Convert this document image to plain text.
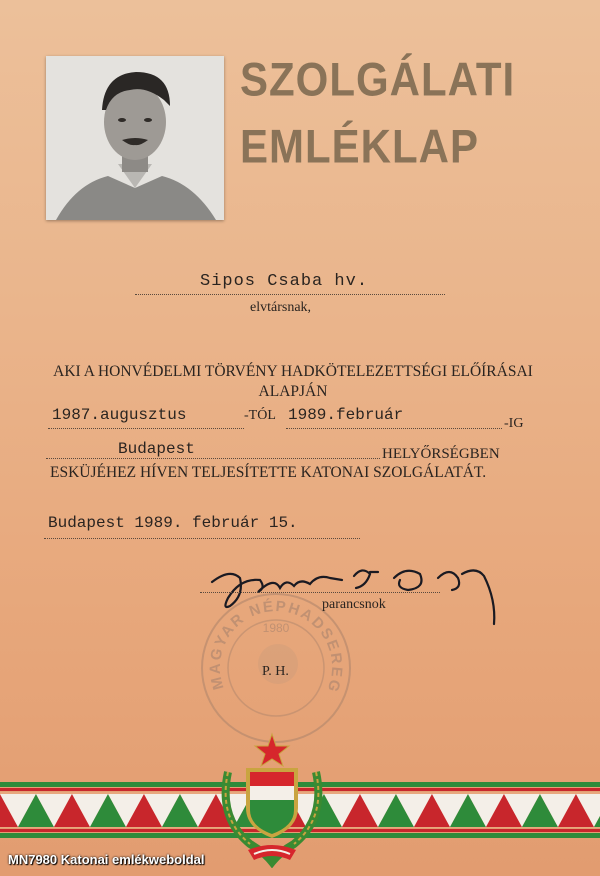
SZOLGÁLATI
EMLÉKLAP
Sipos Csaba hv.
elvtársnak,
AKI A HONVÉDELMI TÖRVÉNY HADKÖTELEZETTSÉGI ELŐÍRÁSAI ALAPJÁN
1987.augusztus	-TÓL 1989.február	-IG
Budapest	HELYŐRSÉGBEN
ESKÜJÉHEZ HÍVEN TELJESÍTETTE KATONAI SZOLGÁLATÁT.
Budapest 1989. február 15.
MAGYAR NÉPHADSEREG
1980
parancsnok
P. H.
MN7980 Katonai emlékweboldal
